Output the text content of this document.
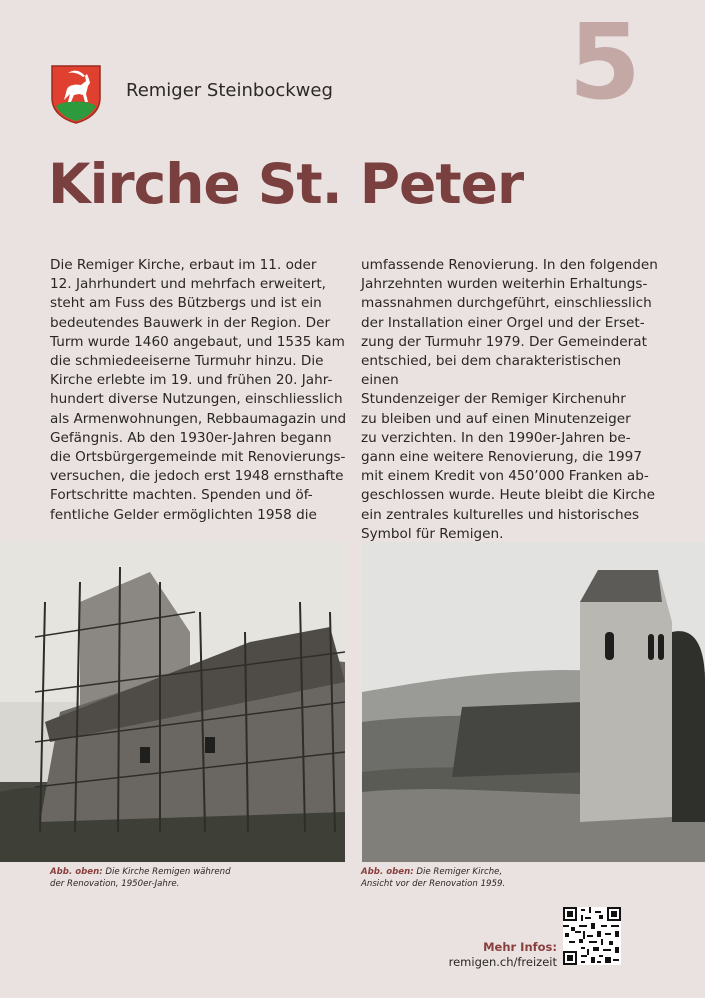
Remiger Steinbockweg 5
Kirche St. Peter
Die Remiger Kirche, erbaut im 11. oder
12. Jahrhundert und mehrfach erweitert,
steht am Fuss des Bützbergs und ist ein
bedeutendes Bauwerk in der Region. Der
Turm wurde 1460 angebaut, und 1535 kam
die schmiedeeiserne Turmuhr hinzu. Die
Kirche erlebte im 19. und frühen 20. Jahr-
hundert diverse Nutzungen, einschliesslich
als Armenwohnungen, Rebbaumagazin und
Gefängnis. Ab den 1930er-Jahren begann
die Ortsbürgergemeinde mit Renovierungs-
versuchen, die jedoch erst 1948 ernsthafte
Fortschritte machten. Spenden und öf-
fentliche Gelder ermöglichten 1958 die
umfassende Renovierung. In den folgenden
Jahrzehnten wurden weiterhin Erhaltungs-
massnahmen durchgeführt, einschliesslich
der Installation einer Orgel und der Erset-
zung der Turmuhr 1979. Der Gemeinderat
entschied, bei dem charakteristischen einen
Stundenzeiger der Remiger Kirchenuhr
zu bleiben und auf einen Minutenzeiger
zu verzichten. In den 1990er-Jahren be-
gann eine weitere Renovierung, die 1997
mit einem Kredit von 450’000 Franken ab-
geschlossen wurde. Heute bleibt die Kirche
ein zentrales kulturelles und historisches
Symbol für Remigen.
Abb. oben: Die Kirche Remigen während
der Renovation, 1950er-Jahre.
Abb. oben: Die Remiger Kirche,
Ansicht vor der Renovation 1959.
Mehr Infos:
remigen.ch/freizeit
